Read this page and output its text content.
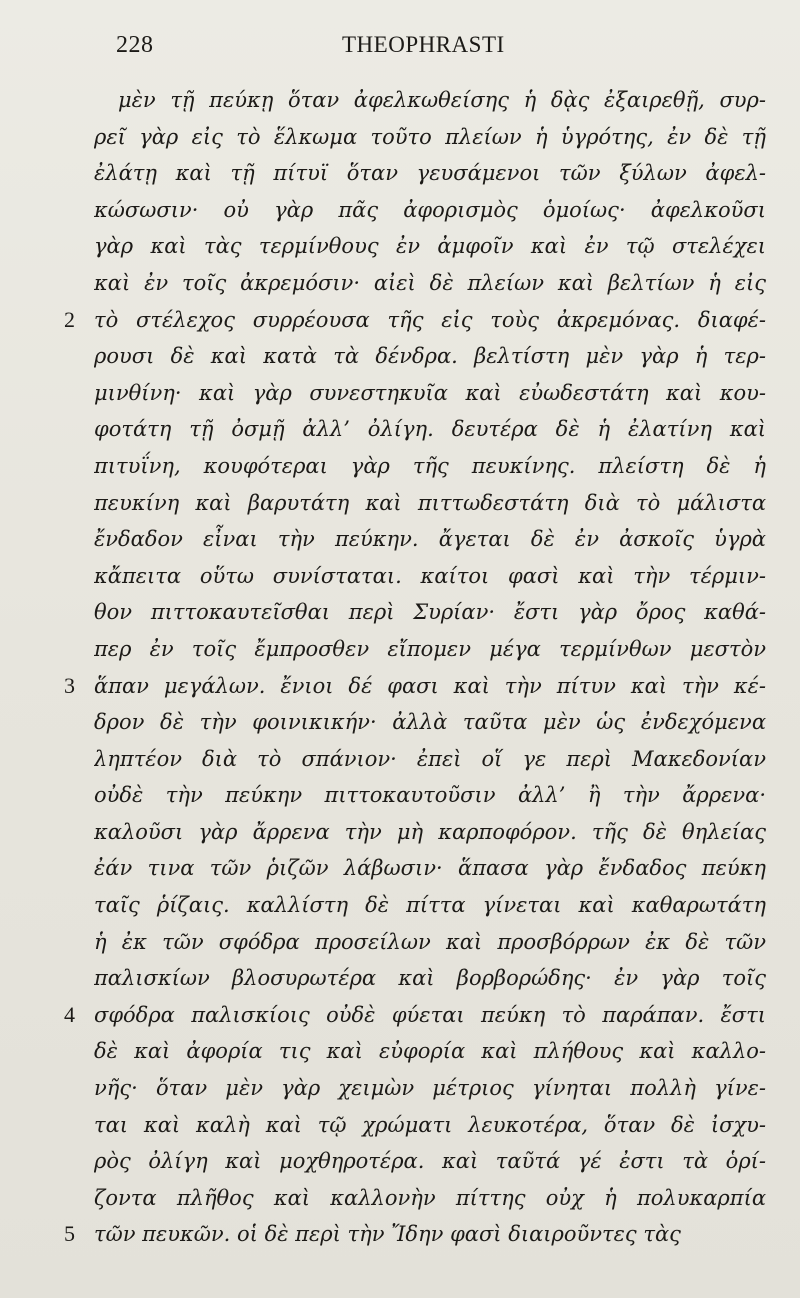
228	THEOPHRASTI
μὲν τῇ πεύκῃ ὅταν ἀφελκωθείσης ἡ δᾲς ἐξαιρεθῇ, συρ-
ρεῖ γὰρ εἰς τὸ ἕλκωμα τοῦτο πλείων ἡ ὑγρότης, ἐν δὲ τῇ
ἐλάτῃ καὶ τῇ πίτυϊ ὅταν γευσάμενοι τῶν ξύλων ἀφελ-
κώσωσιν· οὐ γὰρ πᾶς ἀφορισμὸς ὁμοίως· ἀφελκοῦσι
γὰρ καὶ τὰς τερμίνθους ἐν ἀμφοῖν καὶ ἐν τῷ στελέχει
καὶ ἐν τοῖς ἀκρεμόσιν· αἰεὶ δὲ πλείων καὶ βελτίων ἡ εἰς
2 τὸ στέλεχος συρρέουσα τῆς εἰς τοὺς ἀκρεμόνας. διαφέ-
ρουσι δὲ καὶ κατὰ τὰ δένδρα. βελτίστη μὲν γὰρ ἡ τερ-
μινθίνη· καὶ γὰρ συνεστηκυῖα καὶ εὐωδεστάτη καὶ κου-
φοτάτη τῇ ὀσμῇ ἀλλ’ ὀλίγη. δευτέρα δὲ ἡ ἐλατίνη καὶ
πιτυΐνη, κουφότεραι γὰρ τῆς πευκίνης. πλείστη δὲ ἡ
πευκίνη καὶ βαρυτάτη καὶ πιττωδεστάτη διὰ τὸ μάλιστα
ἔνδαδον εἶναι τὴν πεύκην. ἄγεται δὲ ἐν ἀσκοῖς ὑγρὰ
κἄπειτα οὕτω συνίσταται. καίτοι φασὶ καὶ τὴν τέρμιν-
θον πιττοκαυτεῖσθαι περὶ Συρίαν· ἔστι γὰρ ὄρος καθά-
περ ἐν τοῖς ἔμπροσθεν εἴπομεν μέγα τερμίνθων μεστὸν
3 ἅπαν μεγάλων. ἔνιοι δέ φασι καὶ τὴν πίτυν καὶ τὴν κέ-
δρον δὲ τὴν φοινικικήν· ἀλλὰ ταῦτα μὲν ὡς ἐνδεχόμενα
ληπτέον διὰ τὸ σπάνιον· ἐπεὶ οἵ γε περὶ Μακεδονίαν
οὐδὲ τὴν πεύκην πιττοκαυτοῦσιν ἀλλ’ ἢ τὴν ἄρρενα·
καλοῦσι γὰρ ἄρρενα τὴν μὴ καρποφόρον. τῆς δὲ θηλείας
ἐάν τινα τῶν ῥιζῶν λάβωσιν· ἅπασα γὰρ ἔνδαδος πεύκη
ταῖς ῥίζαις. καλλίστη δὲ πίττα γίνεται καὶ καθαρωτάτη
ἡ ἐκ τῶν σφόδρα προσείλων καὶ προσβόρρων ἐκ δὲ τῶν
παλισκίων βλοσυρωτέρα καὶ βορβορώδης· ἐν γὰρ τοῖς
4 σφόδρα παλισκίοις οὐδὲ φύεται πεύκη τὸ παράπαν. ἔστι
δὲ καὶ ἀφορία τις καὶ εὐφορία καὶ πλήθους καὶ καλλο-
νῆς· ὅταν μὲν γὰρ χειμὼν μέτριος γίνηται πολλὴ γίνε-
ται καὶ καλὴ καὶ τῷ χρώματι λευκοτέρα, ὅταν δὲ ἰσχυ-
ρὸς ὀλίγη καὶ μοχθηροτέρα. καὶ ταῦτά γέ ἐστι τὰ ὁρί-
ζοντα πλῆθος καὶ καλλονὴν πίττης οὐχ ἡ πολυκαρπία
5 τῶν πευκῶν. οἱ δὲ περὶ τὴν Ἴδην φασὶ διαιροῦντες τὰς
